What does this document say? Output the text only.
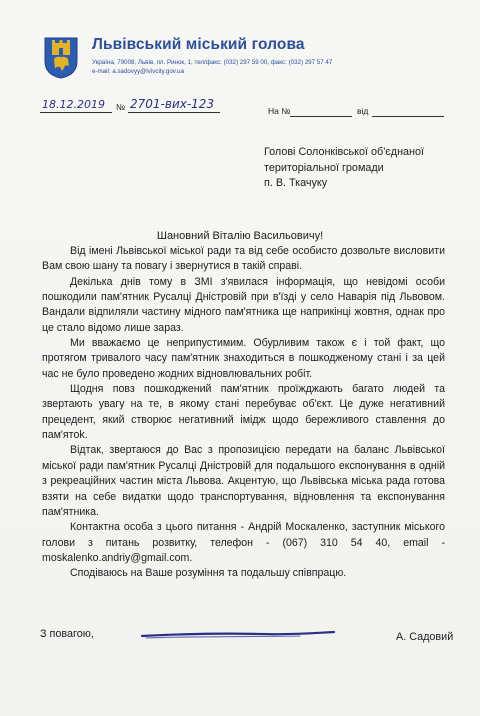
Львівський міський голова
Україна, 79008, Львів, пл. Ринок, 1, тел/факс: (032) 297 59 00, факс: (032) 297 57 47
e-mail: a.sadovyy@lvivcity.gov.ua
18.12.2019 № 2701-вих-123	На №	від
Голові Солонківської об'єднаної
територіальної громади
п. В. Ткачуку
Шановний Віталію Васильовичу!

Від імені Львівської міської ради та від себе особисто дозвольте висловити Вам свою шану та повагу і звернутися в такій справі.

Декілька днів тому в ЗМІ з'явилася інформація, що невідомі особи пошкодили пам'ятник Русалці Дністровій при в'їзді у село Наварія під Львовом. Вандали відпиляли частину мідного пам'ятника ще наприкінці жовтня, однак про це стало відомо лише зараз.

Ми вважаємо це неприпустимим. Обурливим також є і той факт, що протягом тривалого часу пам'ятник знаходиться в пошкодженому стані і за цей час не було проведено жодних відновлювальних робіт.

Щодня повз пошкоджений пам'ятник проїжджають багато людей та звертають увагу на те, в якому стані перебуває об'єкт. Це дуже негативний прецедент, який створює негативний імідж щодо бережливого ставлення до пам'ятok.

Відтак, звертаюся до Вас з пропозицією передати на баланс Львівської міської ради пам'ятник Русалці Дністровій для подальшого експонування в одній з рекреаційних частин міста Львова. Акцентую, що Львівська міська рада готова взяти на себе видатки щодо транспортування, відновлення та експонування пам'ятника.

Контактна особа з цього питання - Андрій Москаленко, заступник міського голови з питань розвитку, телефон - (067) 310 54 40, email - moskalenko.andriy@gmail.com.

Сподіваюсь на Ваше розуміння та подальшу співпрацю.

З повагою,	А. Садовий
